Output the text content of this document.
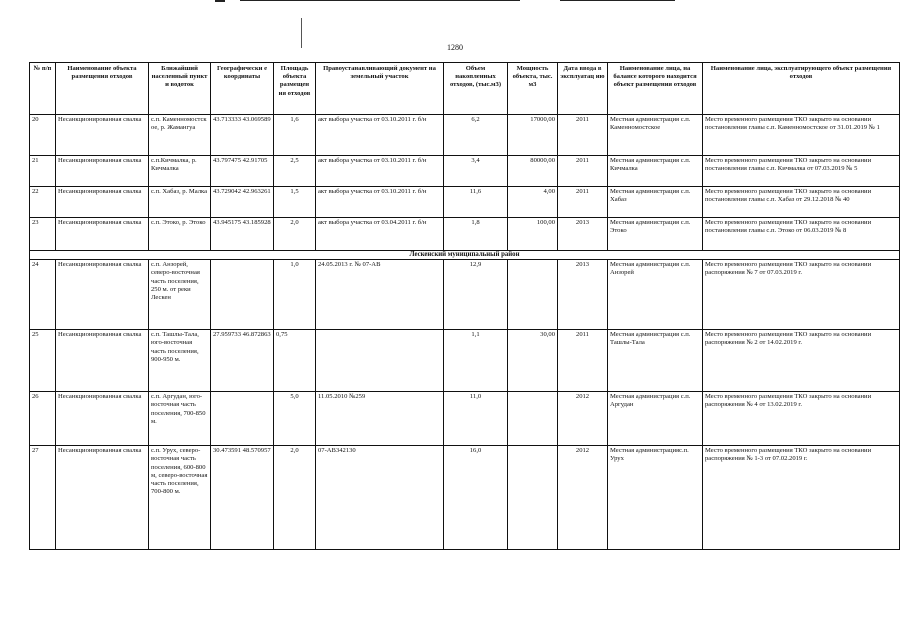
1280
№ п/п	Наименование объекта размещения отходов	Ближайший населенный пункт и водоток	Географически е координаты	Площадь объекта размещен ия отходов	Правоустанавливающий документ на земельный участок	Объем накопленных отходов, (тыс.м3)	Мощность объекта, тыс. м3	Дата ввода в эксплуатац ию	Наименование лица, на балансе которого находится объект размещения отходов	Наименование лица, эксплуатирующего объект размещения отходов
20	Несанкционированная свалка	с.п. Каменномостск ое, р. Жамангуа	43.713333 43.069589	1,6	акт выбора участка от 03.10.2011 г. б/н	6,2	17000,00	2011	Местная администрация с.п. Каменномостское	Место временного размещения ТКО закрыто на основании постановления главы с.п. Каменномостское от 31.01.2019 № 1
21	Несанкционированная свалка	с.п.Кичмалка, р. Кичмалка	43.797475 42.91705	2,5	акт выбора участка от 03.10.2011 г. б/н	3,4	80000,00	2011	Местная администрация с.п. Кичмалка	Место временного размещения ТКО закрыто на основании постановления главы с.п. Кичмалка от 07.03.2019 № 5
22	Несанкционированная свалка	с.п. Хабаз, р. Малка	43.729042 42.963261	1,5	акт выбора участка от 03.10.2011 г. б/н	11,6	4,00	2011	Местная администрация с.п. Хабаз	Место временного размещения ТКО закрыто на основании постановления главы с.п. Хабаз от 29.12.2018 № 40
23	Несанкционированная свалка	с.п. Этоко, р. Этоко	43.945175 43.185928	2,0	акт выбора участка от 03.04.2011 г. б/н	1,8	100,00	2013	Местная администрация с.п. Этоко	Место временного размещения ТКО закрыто на основании постановления главы с.п. Этоко от 06.03.2019 № 8
Лескенский муниципальный район										
24	Несанкционированная свалка	с.п. Анзорей, северо-восточная часть поселения, 250 м. от реки Лескен		1,0	24.05.2013 г. № 07-АВ	12,9		2013	Местная администрация с.п. Анзорей	Место временного размещения ТКО закрыто на основании распоряжения № 7 от 07.03.2019 г.
25	Несанкционированная свалка	с.п. Ташлы-Тала, юго-восточная часть поселения, 900-950 м.	27.959733 46.872863	0,75		1,1	30,00	2011	Местная администрация с.п. Ташлы-Тала	Место временного размещения ТКО закрыто на основании распоряжения № 2 от 14.02.2019 г.
26	Несанкционированная свалка	с.п. Аргудан, юго-восточная часть поселения, 700-850 м.		5,0	11.05.2010 №259	11,0		2012	Местная администрация с.п. Аргудан	Место временного размещения ТКО закрыто на основании распоряжения № 4 от 13.02.2019 г.
27	Несанкционированная свалка	с.п. Урух, северо-восточная часть поселения, 600-800 м, северо-восточная часть поселения, 700-800 м.	30.473591 48.570957	2,0	07-АВ342130	16,0		2012	Местная администрацияс.п. Урух	Место временного размещения ТКО закрыто на основании распоряжения № 1-3 от 07.02.2019 г.
